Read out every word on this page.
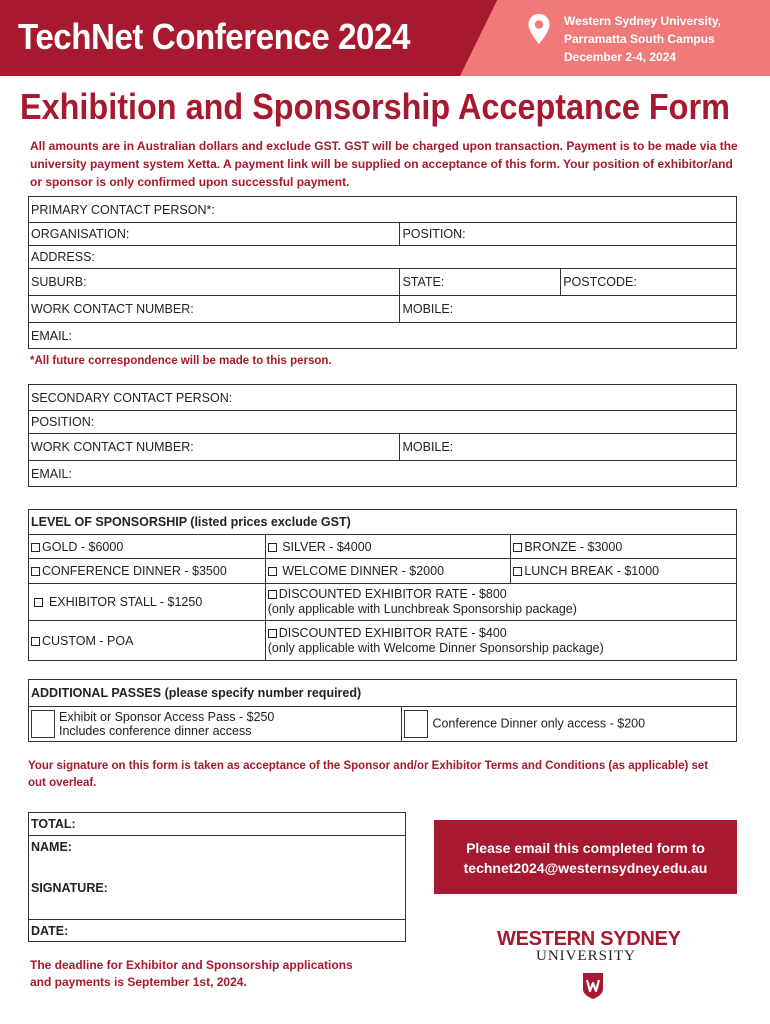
TechNet Conference 2024	Western Sydney University,
Parramatta South Campus
December 2-4, 2024
Exhibition and Sponsorship Acceptance Form
All amounts are in Australian dollars and exclude GST. GST will be charged upon transaction. Payment is to be made via the university payment system Xetta. A payment link will be supplied on acceptance of this form. Your position of exhibitor/and or sponsor is only confirmed upon successful payment.
PRIMARY CONTACT PERSON*:		
ORGANISATION:	POSITION:	
ADDRESS:		
SUBURB:	STATE:	POSTCODE:
WORK CONTACT NUMBER:	MOBILE:	
EMAIL:		
*All future correspondence will be made to this person.
SECONDARY CONTACT PERSON:
POSITION:
WORK CONTACT NUMBER:	MOBILE:
EMAIL:
LEVEL OF SPONSORSHIP (listed prices exclude GST)		
GOLD - $6000	SILVER - $4000	BRONZE - $3000
CONFERENCE DINNER - $3500	WELCOME DINNER - $2000	LUNCH BREAK - $1000
EXHIBITOR STALL - $1250	DISCOUNTED EXHIBITOR RATE - $800
(only applicable with Lunchbreak Sponsorship package)	

CUSTOM - POA	DISCOUNTED EXHIBITOR RATE - $400
(only applicable with Welcome Dinner Sponsorship package)	
ADDITIONAL PASSES (please specify number required)
Exhibit or Sponsor Access Pass - $250
Includes conference dinner access	Conference Dinner only access - $200
Your signature on this form is taken as acceptance of the Sponsor and/or Exhibitor Terms and Conditions (as applicable) set out overleaf.
TOTAL:
NAME:
SIGNATURE:
DATE:
Please email this completed form to
technet2024@westernsydney.edu.au
WESTERN SYDNEY
UNIVERSITY
The deadline for Exhibitor and Sponsorship applications
and payments is September 1st, 2024.
